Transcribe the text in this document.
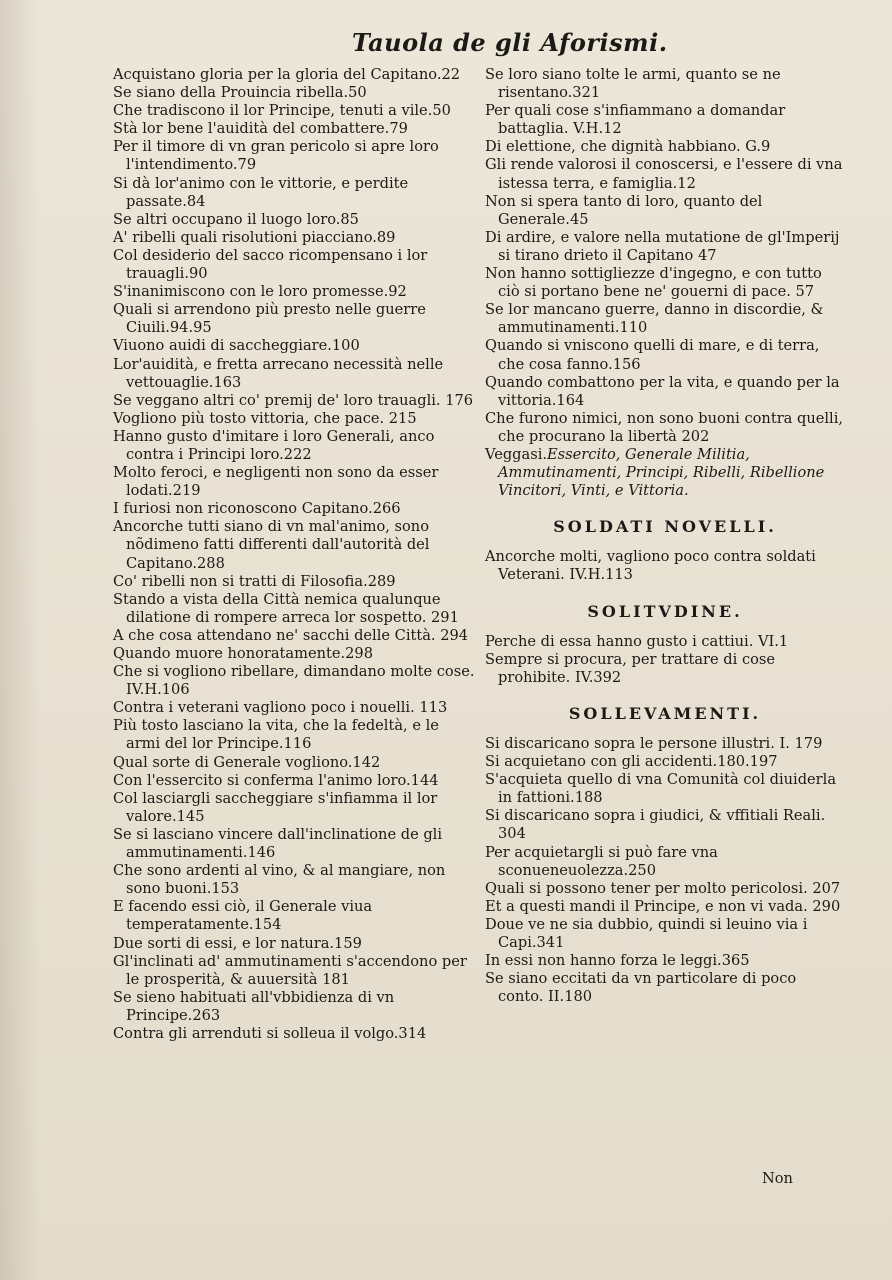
Tauola de gli Aforismi.

Acquistano gloria per la gloria del Capitano.22

Se siano della Prouincia ribella.50

Che tradiscono il lor Principe, tenuti a vile.50

Stà lor bene l'auidità del combattere.79

Per il timore di vn gran pericolo si apre loro l'intendimento.79

Si dà lor'animo con le vittorie, e perdite passate.84

Se altri occupano il luogo loro.85

A' ribelli quali risolutioni piacciano.89

Col desiderio del sacco ricompensano i lor trauagli.90

S'inanimiscono con le loro promesse.92

Quali si arrendono più presto nelle guerre Ciuili.94.95

Viuono auidi di saccheggiare.100

Lor'auidità, e fretta arrecano necessità nelle vettouaglie.163

Se veggano altri co' premij de' loro trauagli. 176

Vogliono più tosto vittoria, che pace. 215

Hanno gusto d'imitare i loro Generali, anco contra i Principi loro.222

Molto feroci, e negligenti non sono da esser lodati.219

I furiosi non riconoscono Capitano.266

Ancorche tutti siano di vn mal'animo, sono nõdimeno fatti differenti dall'autorità del Capitano.288

Co' ribelli non si tratti di Filosofia.289

Stando a vista della Città nemica qualunque dilatione di rompere arreca lor sospetto. 291

A che cosa attendano ne' sacchi delle Città. 294

Quando muore honoratamente.298

Che si vogliono ribellare, dimandano molte cose. IV.H.106

Contra i veterani vagliono poco i nouelli. 113

Più tosto lasciano la vita, che la fedeltà, e le armi del lor Principe.116

Qual sorte di Generale vogliono.142

Con l'essercito si conferma l'animo loro.144

Col lasciargli saccheggiare s'infiamma il lor valore.145

Se si lasciano vincere dall'inclinatione de gli ammutinamenti.146

Che sono ardenti al vino, & al mangiare, non sono buoni.153

E facendo essi ciò, il Generale viua temperatamente.154

Due sorti di essi, e lor natura.159

Gl'inclinati ad' ammutinamenti s'accendono per le prosperità, & auuersità 181

Se sieno habituati all'vbbidienza di vn Principe.263

Contra gli arrenduti si solleua il volgo.314

Se loro siano tolte le armi, quanto se ne risentano.321

Per quali cose s'infiammano a domandar battaglia. V.H.12

Di elettione, che dignità habbiano. G.9

Gli rende valorosi il conoscersi, e l'essere di vna istessa terra, e famiglia.12

Non si spera tanto di loro, quanto del Generale.45

Di ardire, e valore nella mutatione de gl'Imperij si tirano drieto il Capitano 47

Non hanno sottigliezze d'ingegno, e con tutto ciò si portano bene ne' gouerni di pace. 57

Se lor mancano guerre, danno in discordie, & ammutinamenti.110

Quando si vniscono quelli di mare, e di terra, che cosa fanno.156

Quando combattono per la vita, e quando per la vittoria.164

Che furono nimici, non sono buoni contra quelli, che procurano la libertà 202

Veggasi.Essercito, Generale Militia, Ammutinamenti, Principi, Ribelli, Ribellione Vincitori, Vinti, e Vittoria.

SOLDATI NOVELLI.

Ancorche molti, vagliono poco contra soldati Veterani. IV.H.113

SOLITVDINE.

Perche di essa hanno gusto i cattiui. VI.1

Sempre si procura, per trattare di cose prohibite. IV.392

SOLLEVAMENTI.

Si discaricano sopra le persone illustri. I. 179

Si acquietano con gli accidenti.180.197

S'acquieta quello di vna Comunità col diuiderla in fattioni.188

Si discaricano sopra i giudici, & vffitiali Reali. 304

Per acquietargli si può fare vna sconueneuolezza.250

Quali si possono tener per molto pericolosi. 207

Et a questi mandi il Principe, e non vi vada. 290

Doue ve ne sia dubbio, quindi si leuino via i Capi.341

In essi non hanno forza le leggi.365

Se siano eccitati da vn particolare di poco conto. II.180

Non
